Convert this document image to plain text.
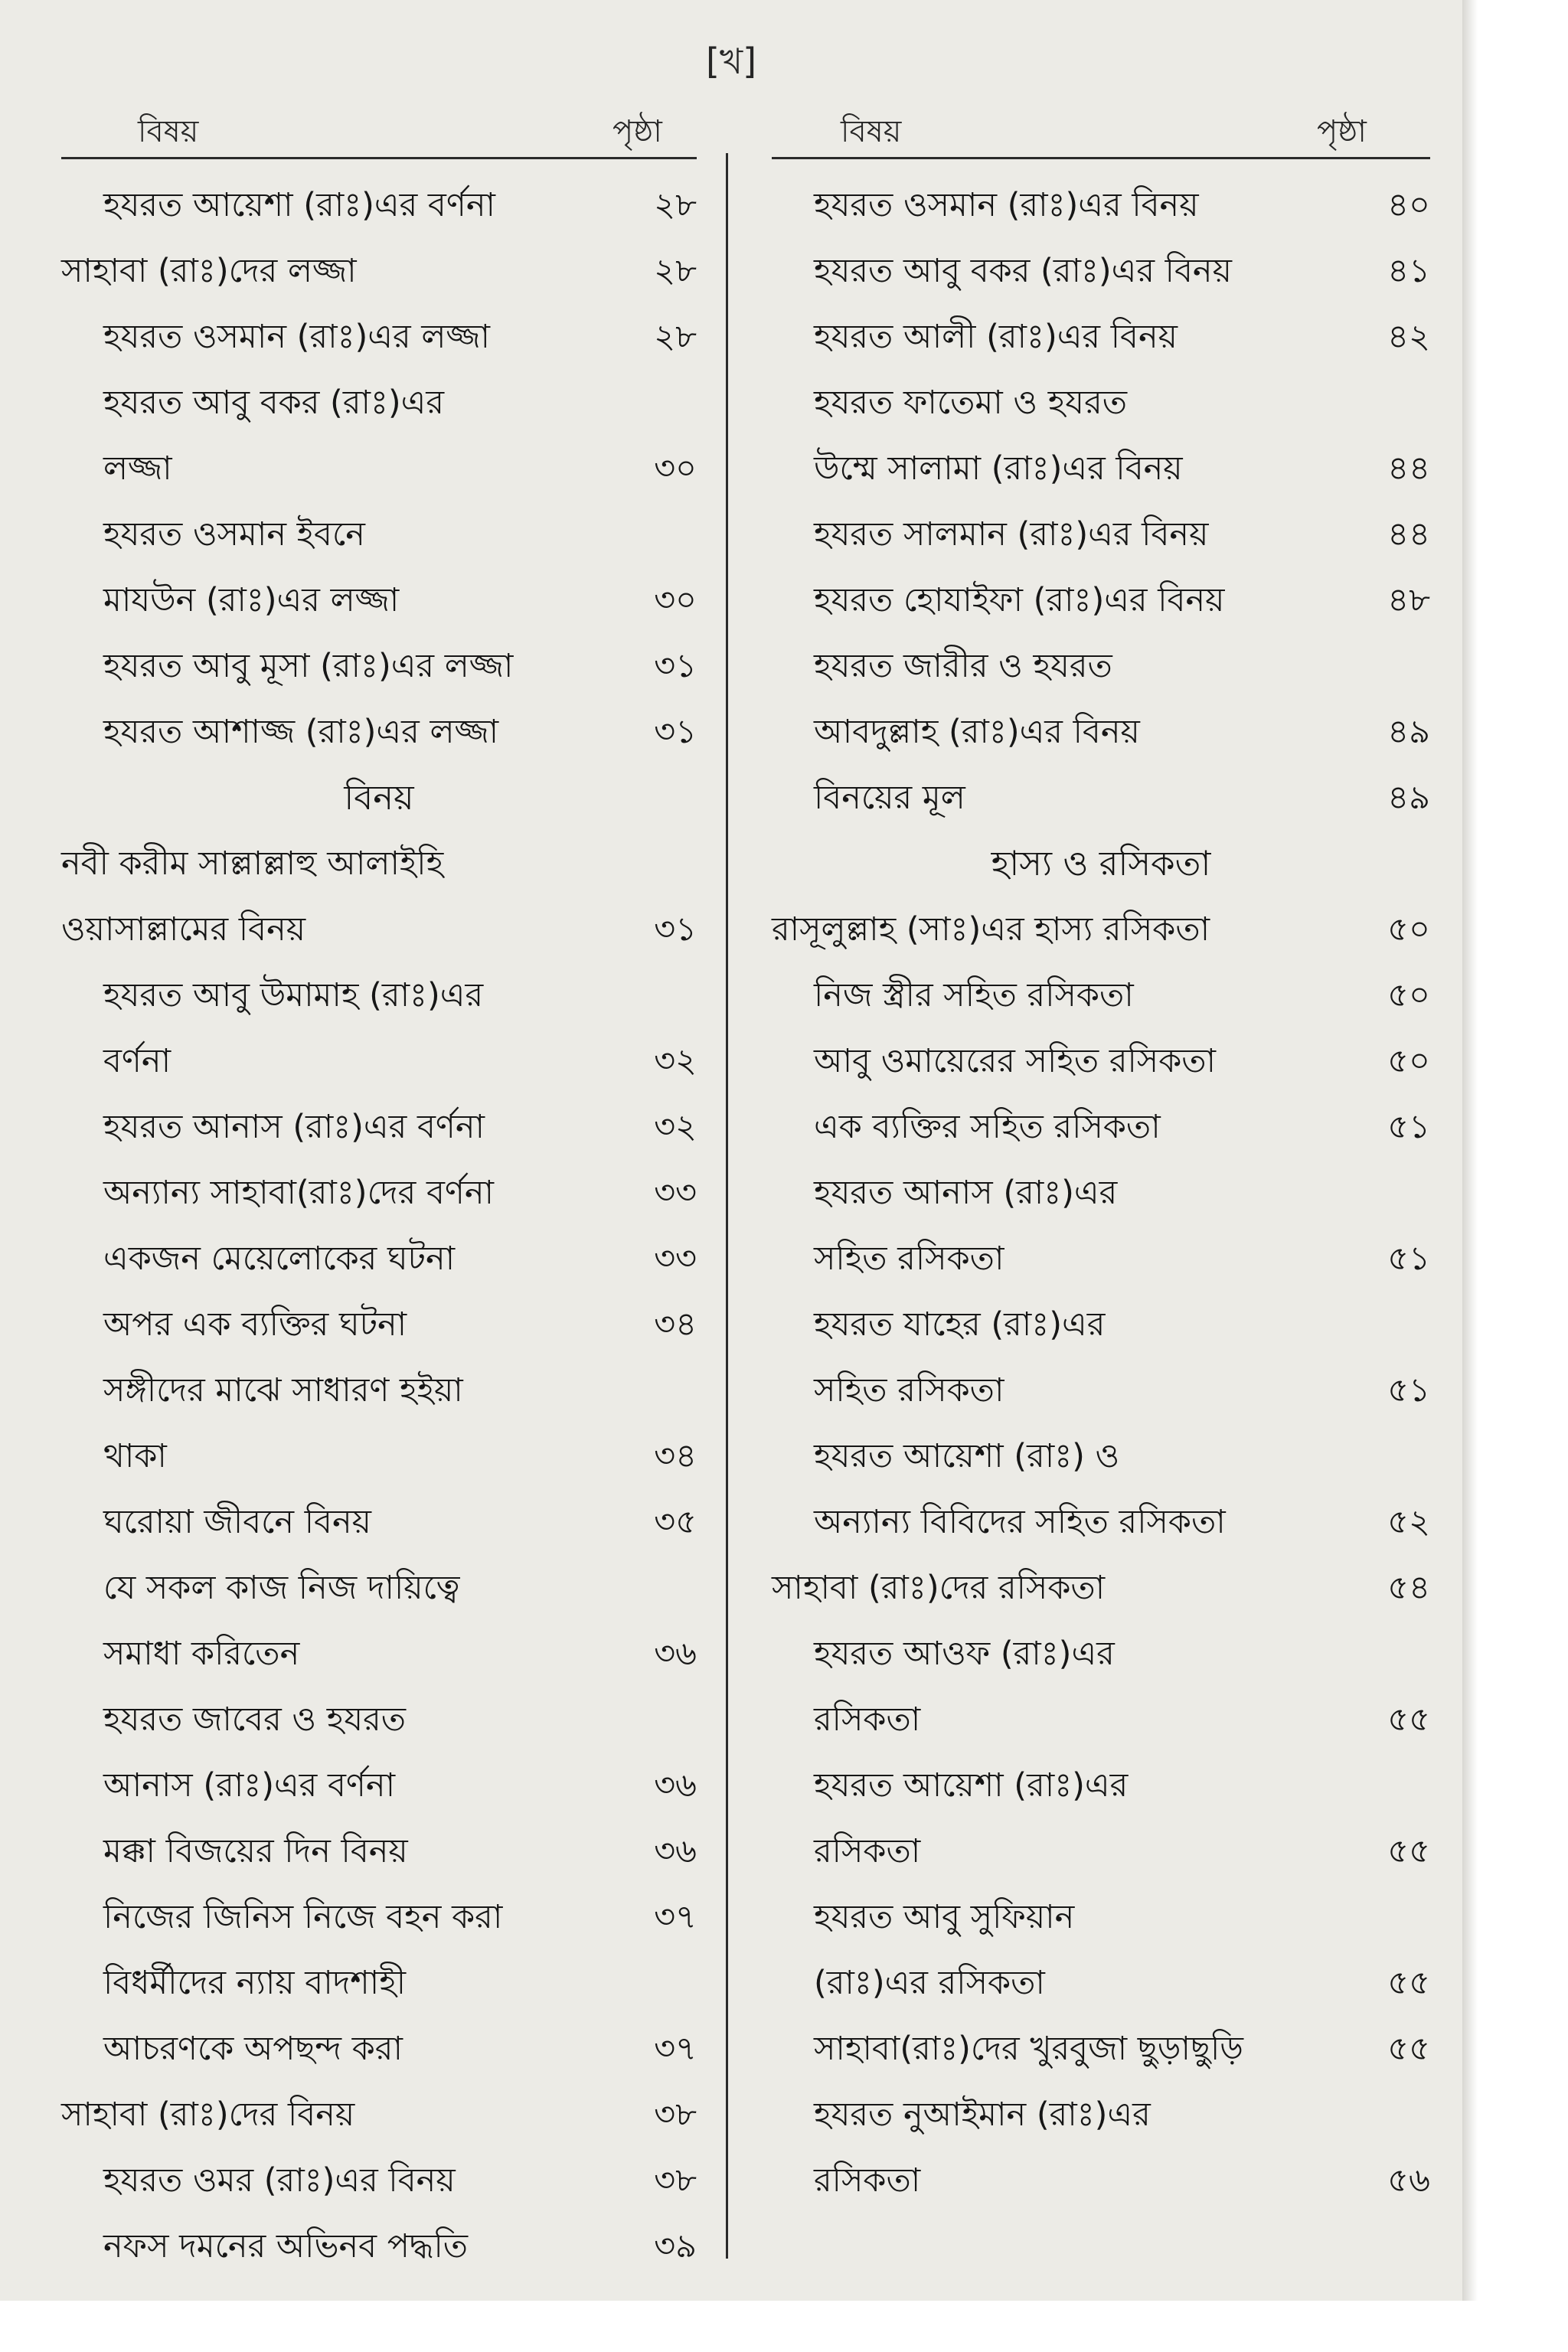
[খ]
বিষয়	পৃষ্ঠা	বিষয়	পৃষ্ঠা
হযরত আয়েশা (রাঃ)এর বর্ণনা	২৮
সাহাবা (রাঃ)দের লজ্জা	২৮
হযরত ওসমান (রাঃ)এর লজ্জা	২৮
হযরত আবু বকর (রাঃ)এর
লজ্জা	৩০
হযরত ওসমান ইবনে
মাযউন (রাঃ)এর লজ্জা	৩০
হযরত আবু মূসা (রাঃ)এর লজ্জা	৩১
হযরত আশাজ্জ (রাঃ)এর লজ্জা	৩১
বিনয়
নবী করীম সাল্লাল্লাহু আলাইহি
ওয়াসাল্লামের বিনয়	৩১
হযরত আবু উমামাহ (রাঃ)এর
বর্ণনা	৩২
হযরত আনাস (রাঃ)এর বর্ণনা	৩২
অন্যান্য সাহাবা(রাঃ)দের বর্ণনা	৩৩
একজন মেয়েলোকের ঘটনা	৩৩
অপর এক ব্যক্তির ঘটনা	৩৪
সঙ্গীদের মাঝে সাধারণ হইয়া
থাকা	৩৪
ঘরোয়া জীবনে বিনয়	৩৫
যে সকল কাজ নিজ দায়িত্বে
সমাধা করিতেন	৩৬
হযরত জাবের ও হযরত
আনাস (রাঃ)এর বর্ণনা	৩৬
মক্কা বিজয়ের দিন বিনয়	৩৬
নিজের জিনিস নিজে বহন করা	৩৭
বিধর্মীদের ন্যায় বাদশাহী
আচরণকে অপছন্দ করা	৩৭
সাহাবা (রাঃ)দের বিনয়	৩৮
হযরত ওমর (রাঃ)এর বিনয়	৩৮
নফস দমনের অভিনব পদ্ধতি	৩৯
হযরত ওসমান (রাঃ)এর বিনয়	৪০
হযরত আবু বকর (রাঃ)এর বিনয়	৪১
হযরত আলী (রাঃ)এর বিনয়	৪২
হযরত ফাতেমা ও হযরত
উম্মে সালামা (রাঃ)এর বিনয়	৪৪
হযরত সালমান (রাঃ)এর বিনয়	৪৪
হযরত হোযাইফা (রাঃ)এর বিনয়	৪৮
হযরত জারীর ও হযরত
আবদুল্লাহ (রাঃ)এর বিনয়	৪৯
বিনয়ের মূল	৪৯
হাস্য ও রসিকতা
রাসূলুল্লাহ (সাঃ)এর হাস্য রসিকতা	৫০
নিজ স্ত্রীর সহিত রসিকতা	৫০
আবু ওমায়েরের সহিত রসিকতা	৫০
এক ব্যক্তির সহিত রসিকতা	৫১
হযরত আনাস (রাঃ)এর
সহিত রসিকতা	৫১
হযরত যাহের (রাঃ)এর
সহিত রসিকতা	৫১
হযরত আয়েশা (রাঃ) ও
অন্যান্য বিবিদের সহিত রসিকতা	৫২
সাহাবা (রাঃ)দের রসিকতা	৫৪
হযরত আওফ (রাঃ)এর
রসিকতা	৫৫
হযরত আয়েশা (রাঃ)এর
রসিকতা	৫৫
হযরত আবু সুফিয়ান
(রাঃ)এর রসিকতা	৫৫
সাহাবা(রাঃ)দের খুরবুজা ছুড়াছুড়ি	৫৫
হযরত নুআইমান (রাঃ)এর
রসিকতা	৫৬
